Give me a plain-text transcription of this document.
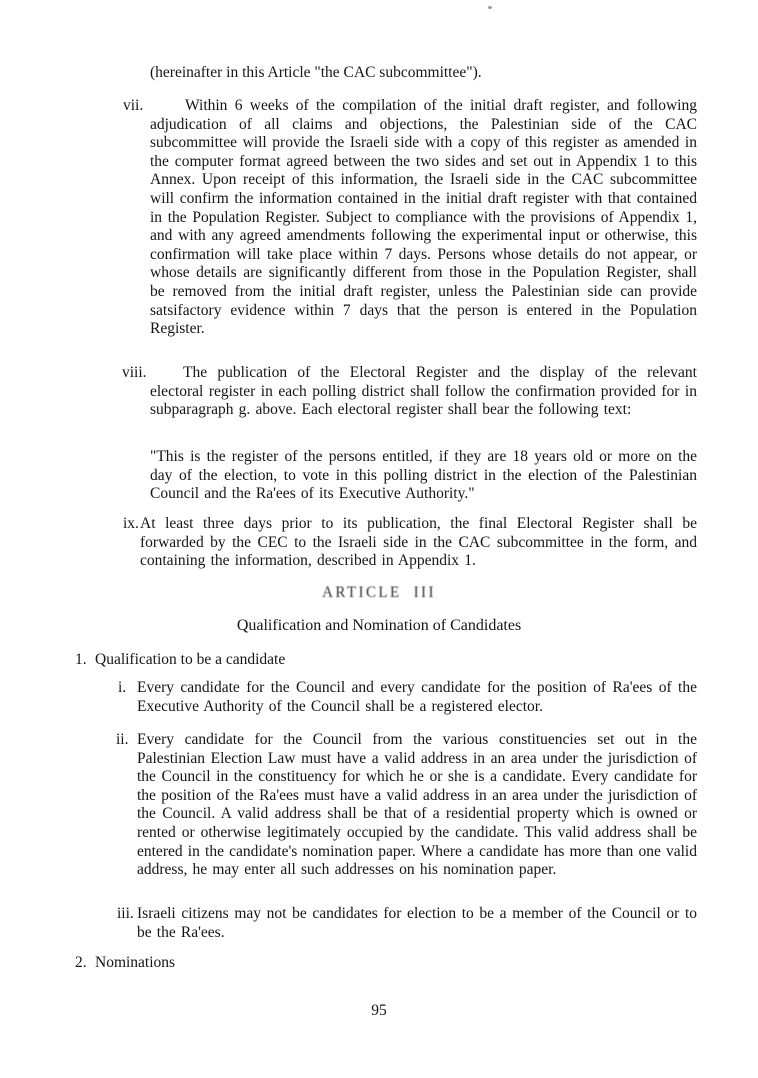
(hereinafter in this Article "the CAC subcommittee").
vii.	Within 6 weeks of the compilation of the initial draft register, and following adjudication of all claims and objections, the Palestinian side of the CAC subcommittee will provide the Israeli side with a copy of this register as amended in the computer format agreed between the two sides and set out in Appendix 1 to this Annex. Upon receipt of this information, the Israeli side in the CAC subcommittee will confirm the information contained in the initial draft register with that contained in the Population Register. Subject to compliance with the provisions of Appendix 1, and with any agreed amendments following the experimental input or otherwise, this confirmation will take place within 7 days. Persons whose details do not appear, or whose details are significantly different from those in the Population Register, shall be removed from the initial draft register, unless the Palestinian side can provide satsifactory evidence within 7 days that the person is entered in the Population Register.
viii.	The publication of the Electoral Register and the display of the relevant electoral register in each polling district shall follow the confirmation provided for in subparagraph g. above. Each electoral register shall bear the following text:
"This is the register of the persons entitled, if they are 18 years old or more on the day of the election, to vote in this polling district in the election of the Palestinian Council and the Ra'ees of its Executive Authority."
ix. At least three days prior to its publication, the final Electoral Register shall be forwarded by the CEC to the Israeli side in the CAC subcommittee in the form, and containing the information, described in Appendix 1.
ARTICLE III
Qualification and Nomination of Candidates
1. Qualification to be a candidate
i. Every candidate for the Council and every candidate for the position of Ra'ees of the Executive Authority of the Council shall be a registered elector.
ii. Every candidate for the Council from the various constituencies set out in the Palestinian Election Law must have a valid address in an area under the jurisdiction of the Council in the constituency for which he or she is a candidate. Every candidate for the position of the Ra'ees must have a valid address in an area under the jurisdiction of the Council. A valid address shall be that of a residential property which is owned or rented or otherwise legitimately occupied by the candidate. This valid address shall be entered in the candidate's nomination paper. Where a candidate has more than one valid address, he may enter all such addresses on his nomination paper.
iii. Israeli citizens may not be candidates for election to be a member of the Council or to be the Ra'ees.
2. Nominations
95
